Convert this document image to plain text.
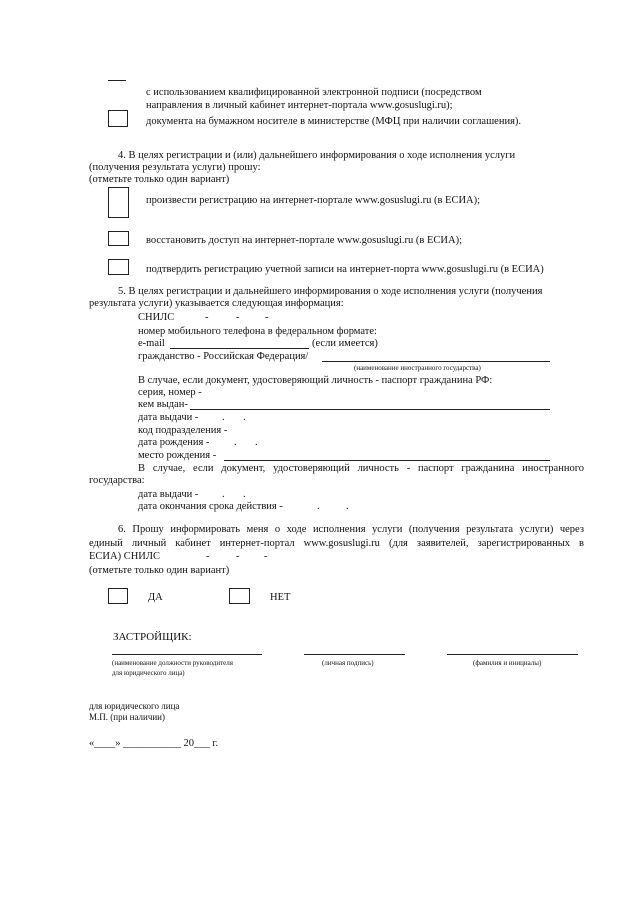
с использованием квалифицированной электронной подписи (посредством
направления в личный кабинет интернет-портала www.gosuslugi.ru);
документа на бумажном носителе в министерстве (МФЦ при наличии соглашения).
4. В целях регистрации и (или) дальнейшего информирования о ходе исполнения услуги
(получения результата услуги) прошу:
(отметьте только один вариант)
произвести регистрацию на интернет-портале www.gosuslugi.ru (в ЕСИА);
восстановить доступ на интернет-портале www.gosuslugi.ru (в ЕСИА);
подтвердить регистрацию учетной записи на интернет-порта www.gosuslugi.ru (в ЕСИА)
5. В целях регистрации и дальнейшего информирования о ходе исполнения услуги (получения
результата услуги) указывается следующая информация:
СНИЛС	-	- -
номер мобильного телефона в федеральном формате:
e-mail	(если имеется)
гражданство - Российская Федерация/
(наименование иностранного государства)
В случае, если документ, удостоверяющий личность - паспорт гражданина РФ:
серия, номер -
кем выдан-
дата выдачи - . .
код подразделения -
дата рождения - . .
место рождения -
В случае, если документ, удостоверяющий личность - паспорт гражданина иностранного
государства:
дата выдачи - . .
дата окончания срока действия -	.	.
6. Прошу информировать меня о ходе исполнения услуги (получения результата услуги) через
единый личный кабинет интернет-портал www.gosuslugi.ru (для заявителей, зарегистрированных в
ЕСИА) СНИЛС	-	- -
(отметьте только один вариант)
ДА	НЕТ
ЗАСТРОЙЩИК:
(наименование должности руководителя
для юридического лица)
(личная подпись)	(фамилия и инициалы)
для юридического лица
М.П. (при наличии)
«____» ___________ 20___ г.
